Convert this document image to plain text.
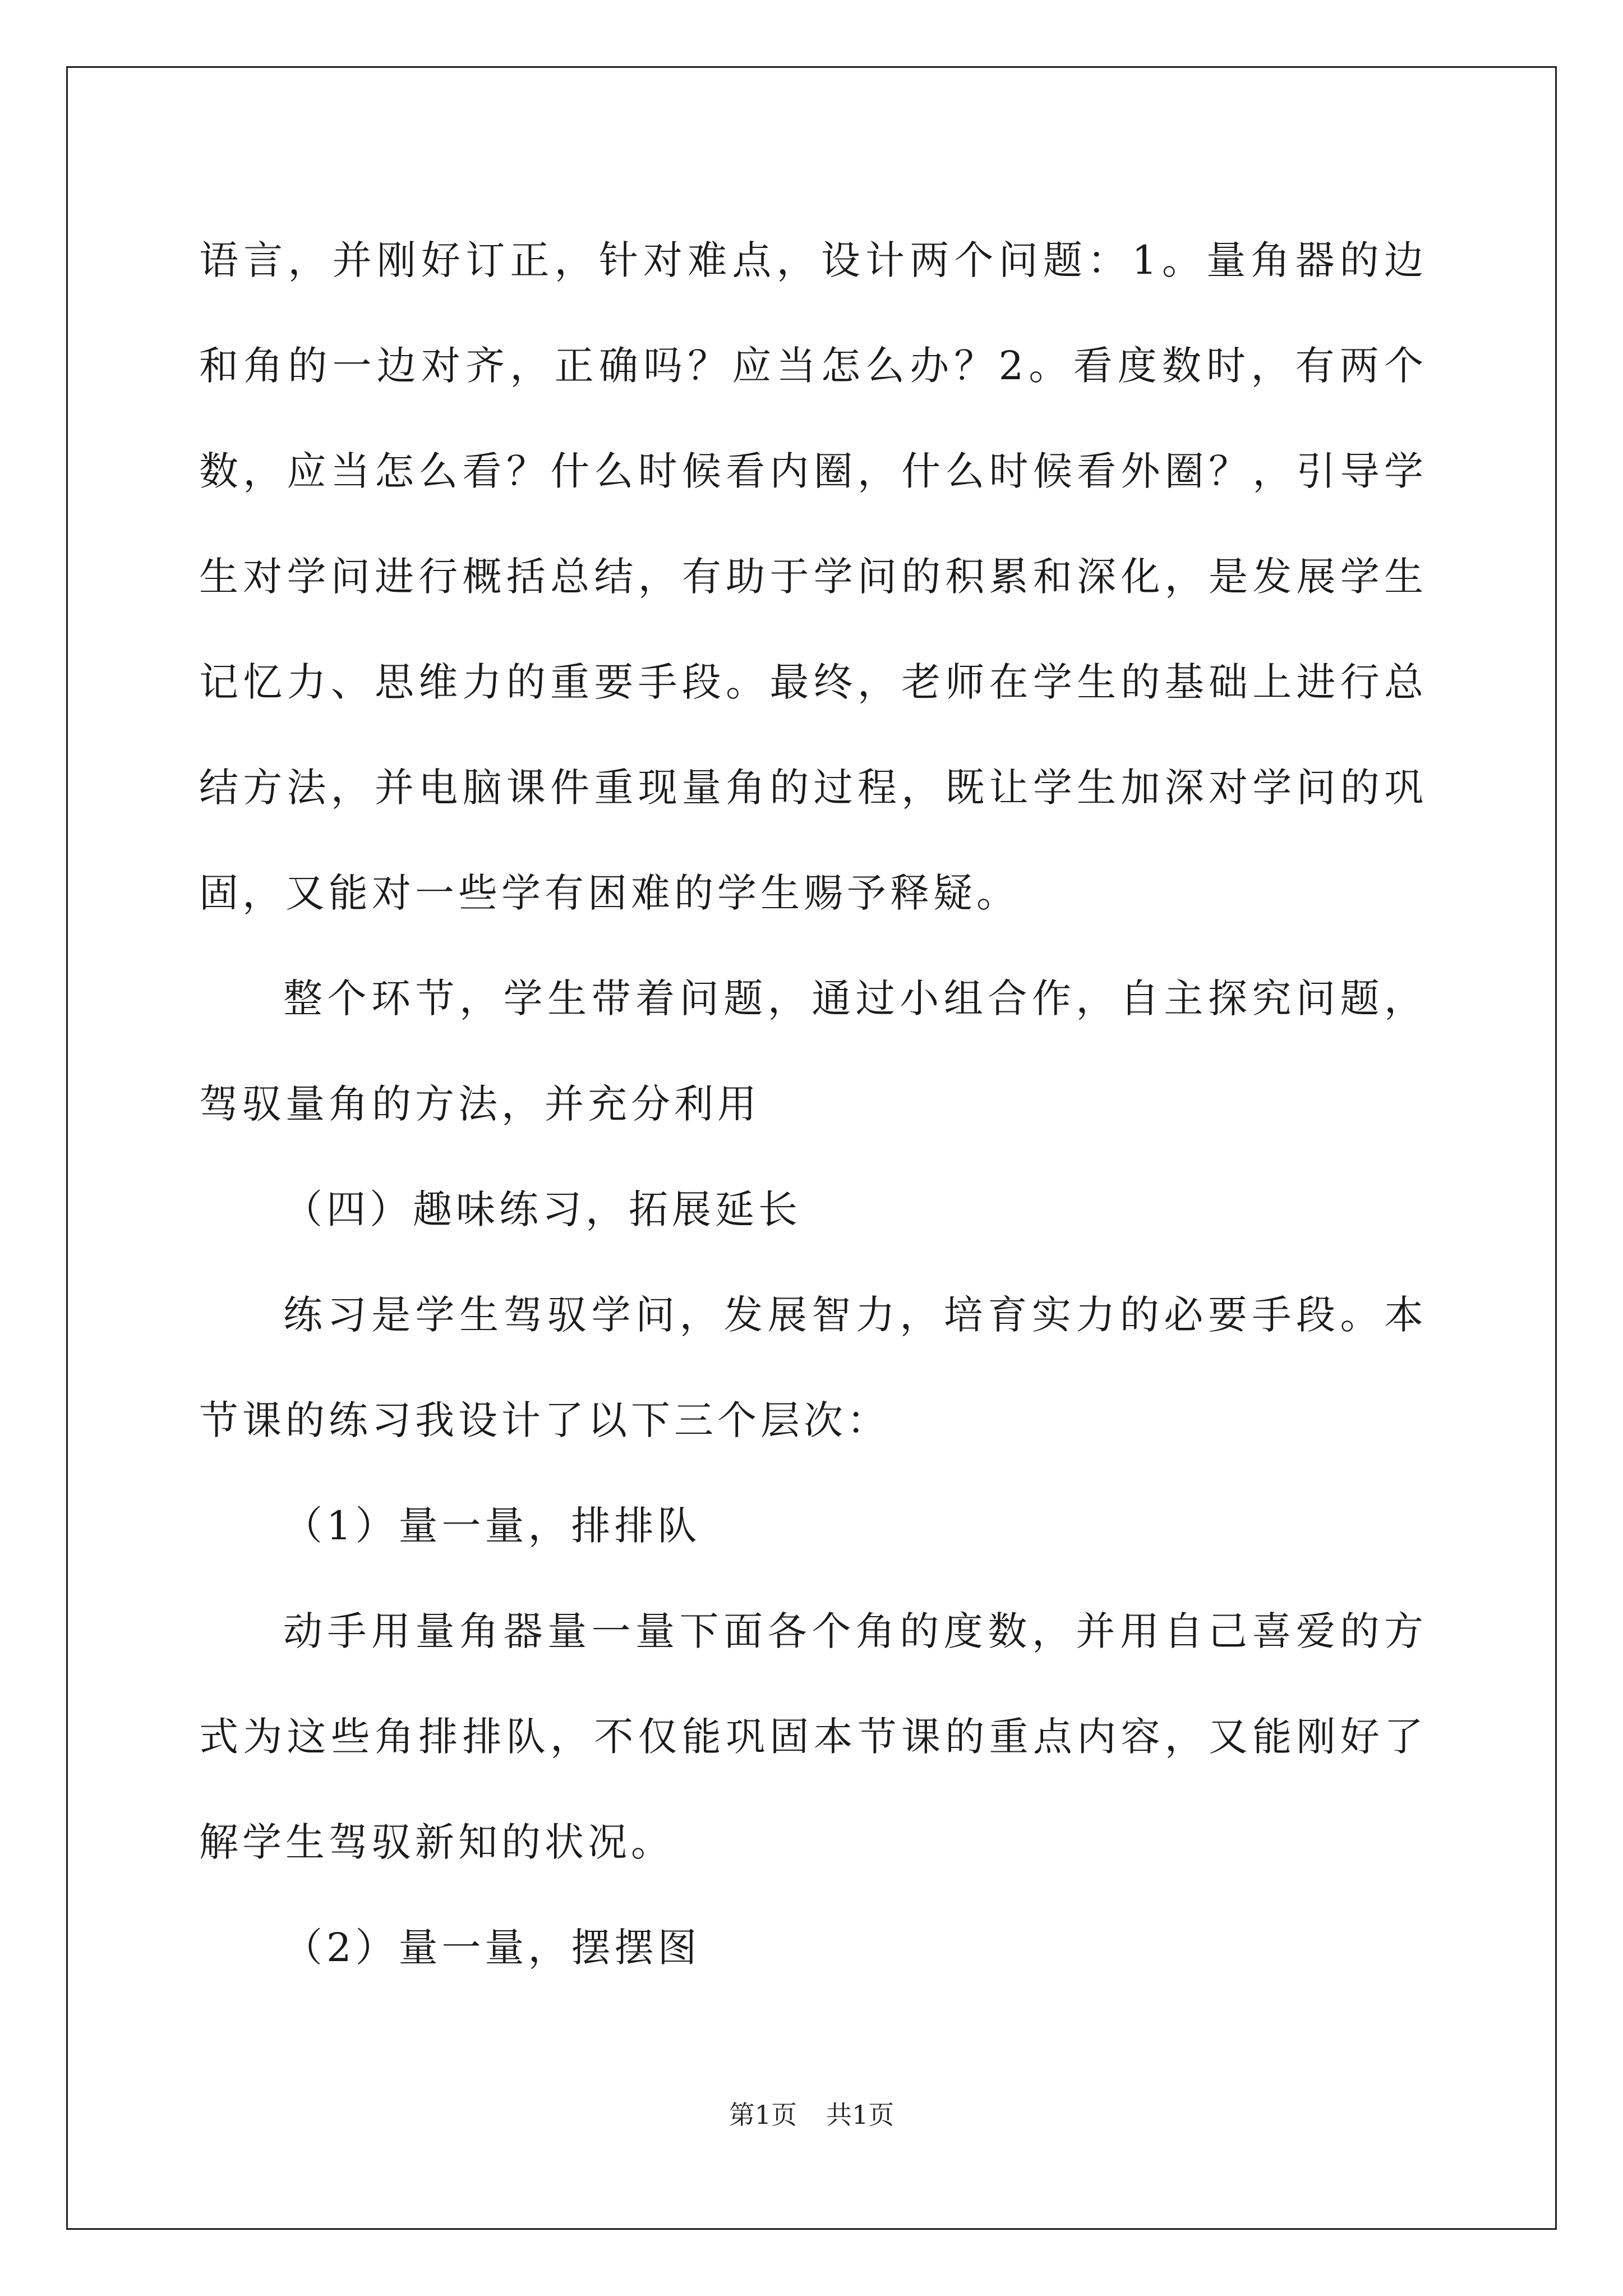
语言，并刚好订正，针对难点，设计两个问题：1。量角器的边和角的一边对齐，正确吗？应当怎么办？2。看度数时，有两个数，应当怎么看？什么时候看内圈，什么时候看外圈？，引导学生对学问进行概括总结，有助于学问的积累和深化，是发展学生记忆力、思维力的重要手段。最终，老师在学生的基础上进行总结方法，并电脑课件重现量角的过程，既让学生加深对学问的巩固，又能对一些学有困难的学生赐予释疑。

整个环节，学生带着问题，通过小组合作，自主探究问题，驾驭量角的方法，并充分利用

（四）趣味练习，拓展延长

练习是学生驾驭学问，发展智力，培育实力的必要手段。本节课的练习我设计了以下三个层次：

（1）量一量，排排队

动手用量角器量一量下面各个角的度数，并用自己喜爱的方式为这些角排排队，不仅能巩固本节课的重点内容，又能刚好了解学生驾驭新知的状况。

（2）量一量，摆摆图

第1页 共1页
